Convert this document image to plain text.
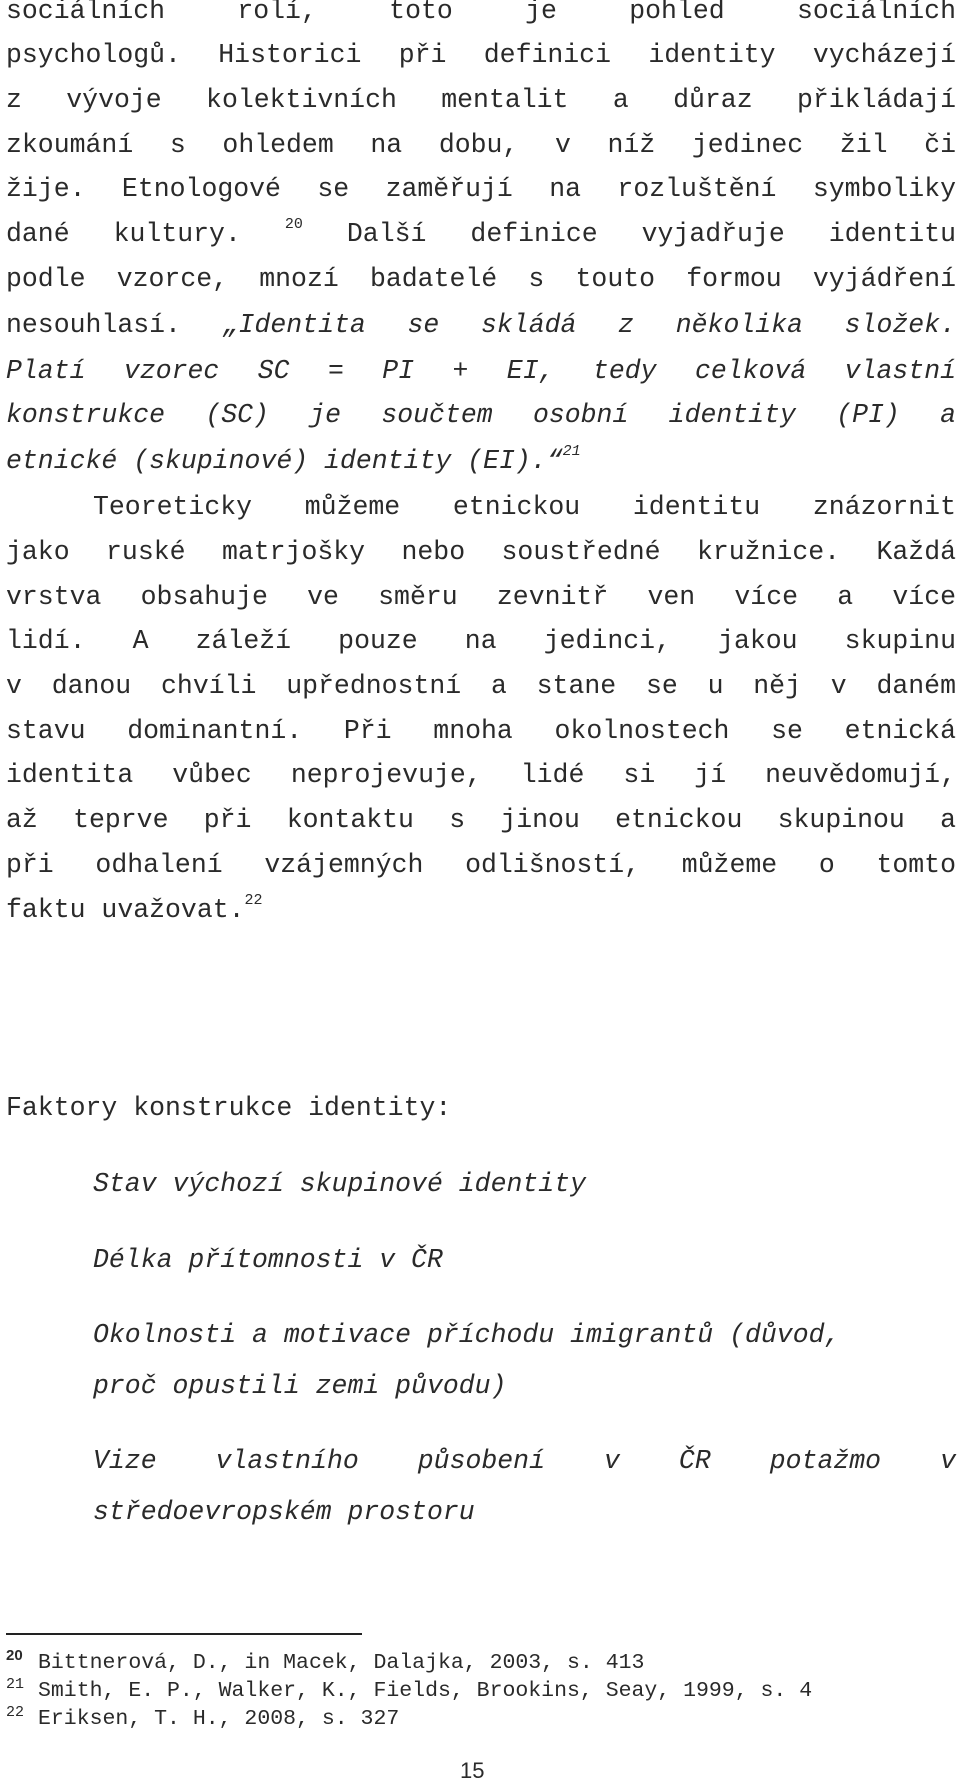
sociálních rolí, toto je pohled sociálních
psychologů. Historici při definici identity vycházejí
z vývoje kolektivních mentalit a důraz přikládají
zkoumání s ohledem na dobu, v níž jedinec žil či
žije. Etnologové se zaměřují na rozluštění symboliky
dané kultury.	$^{20}$ Další definice vyjadřuje identitu
podle vzorce, mnozí badatelé s touto formou vyjádření
nesouhlasí. „Identita se skládá z několika složek.
Platí vzorec SC = PI + EI, tedy celková vlastní
konstrukce (SC) je součtem osobní identity (PI) a
etnické (skupinové) identity (EI).“$^{21}$
Teoreticky můžeme etnickou identitu znázornit
jako ruské matrjošky nebo soustředné kružnice. Každá
vrstva obsahuje ve směru zevnitř ven více a více
lidí. A záleží pouze na jedinci, jakou skupinu
v danou chvíli upřednostní a stane se u něj v daném
stavu dominantní. Při mnoha okolnostech se etnická
identita vůbec neprojevuje, lidé si jí neuvědomují,
až teprve při kontaktu s jinou etnickou skupinou a
při odhalení vzájemných odlišností, můžeme o tomto
faktu uvažovat.$^{22}$
Faktory konstrukce identity:
Stav výchozí skupinové identity
Délka přítomnosti v ČR
Okolnosti a motivace příchodu imigrantů (důvod,
proč opustili zemi původu)
Vize vlastního působení v ČR potažmo v
středoevropském prostoru
20 Bittnerová, D., in Macek, Dalajka, 2003, s. 413
21 Smith, E. P., Walker, K., Fields, Brookins, Seay, 1999, s. 4
22 Eriksen, T. H., 2008, s. 327
15
